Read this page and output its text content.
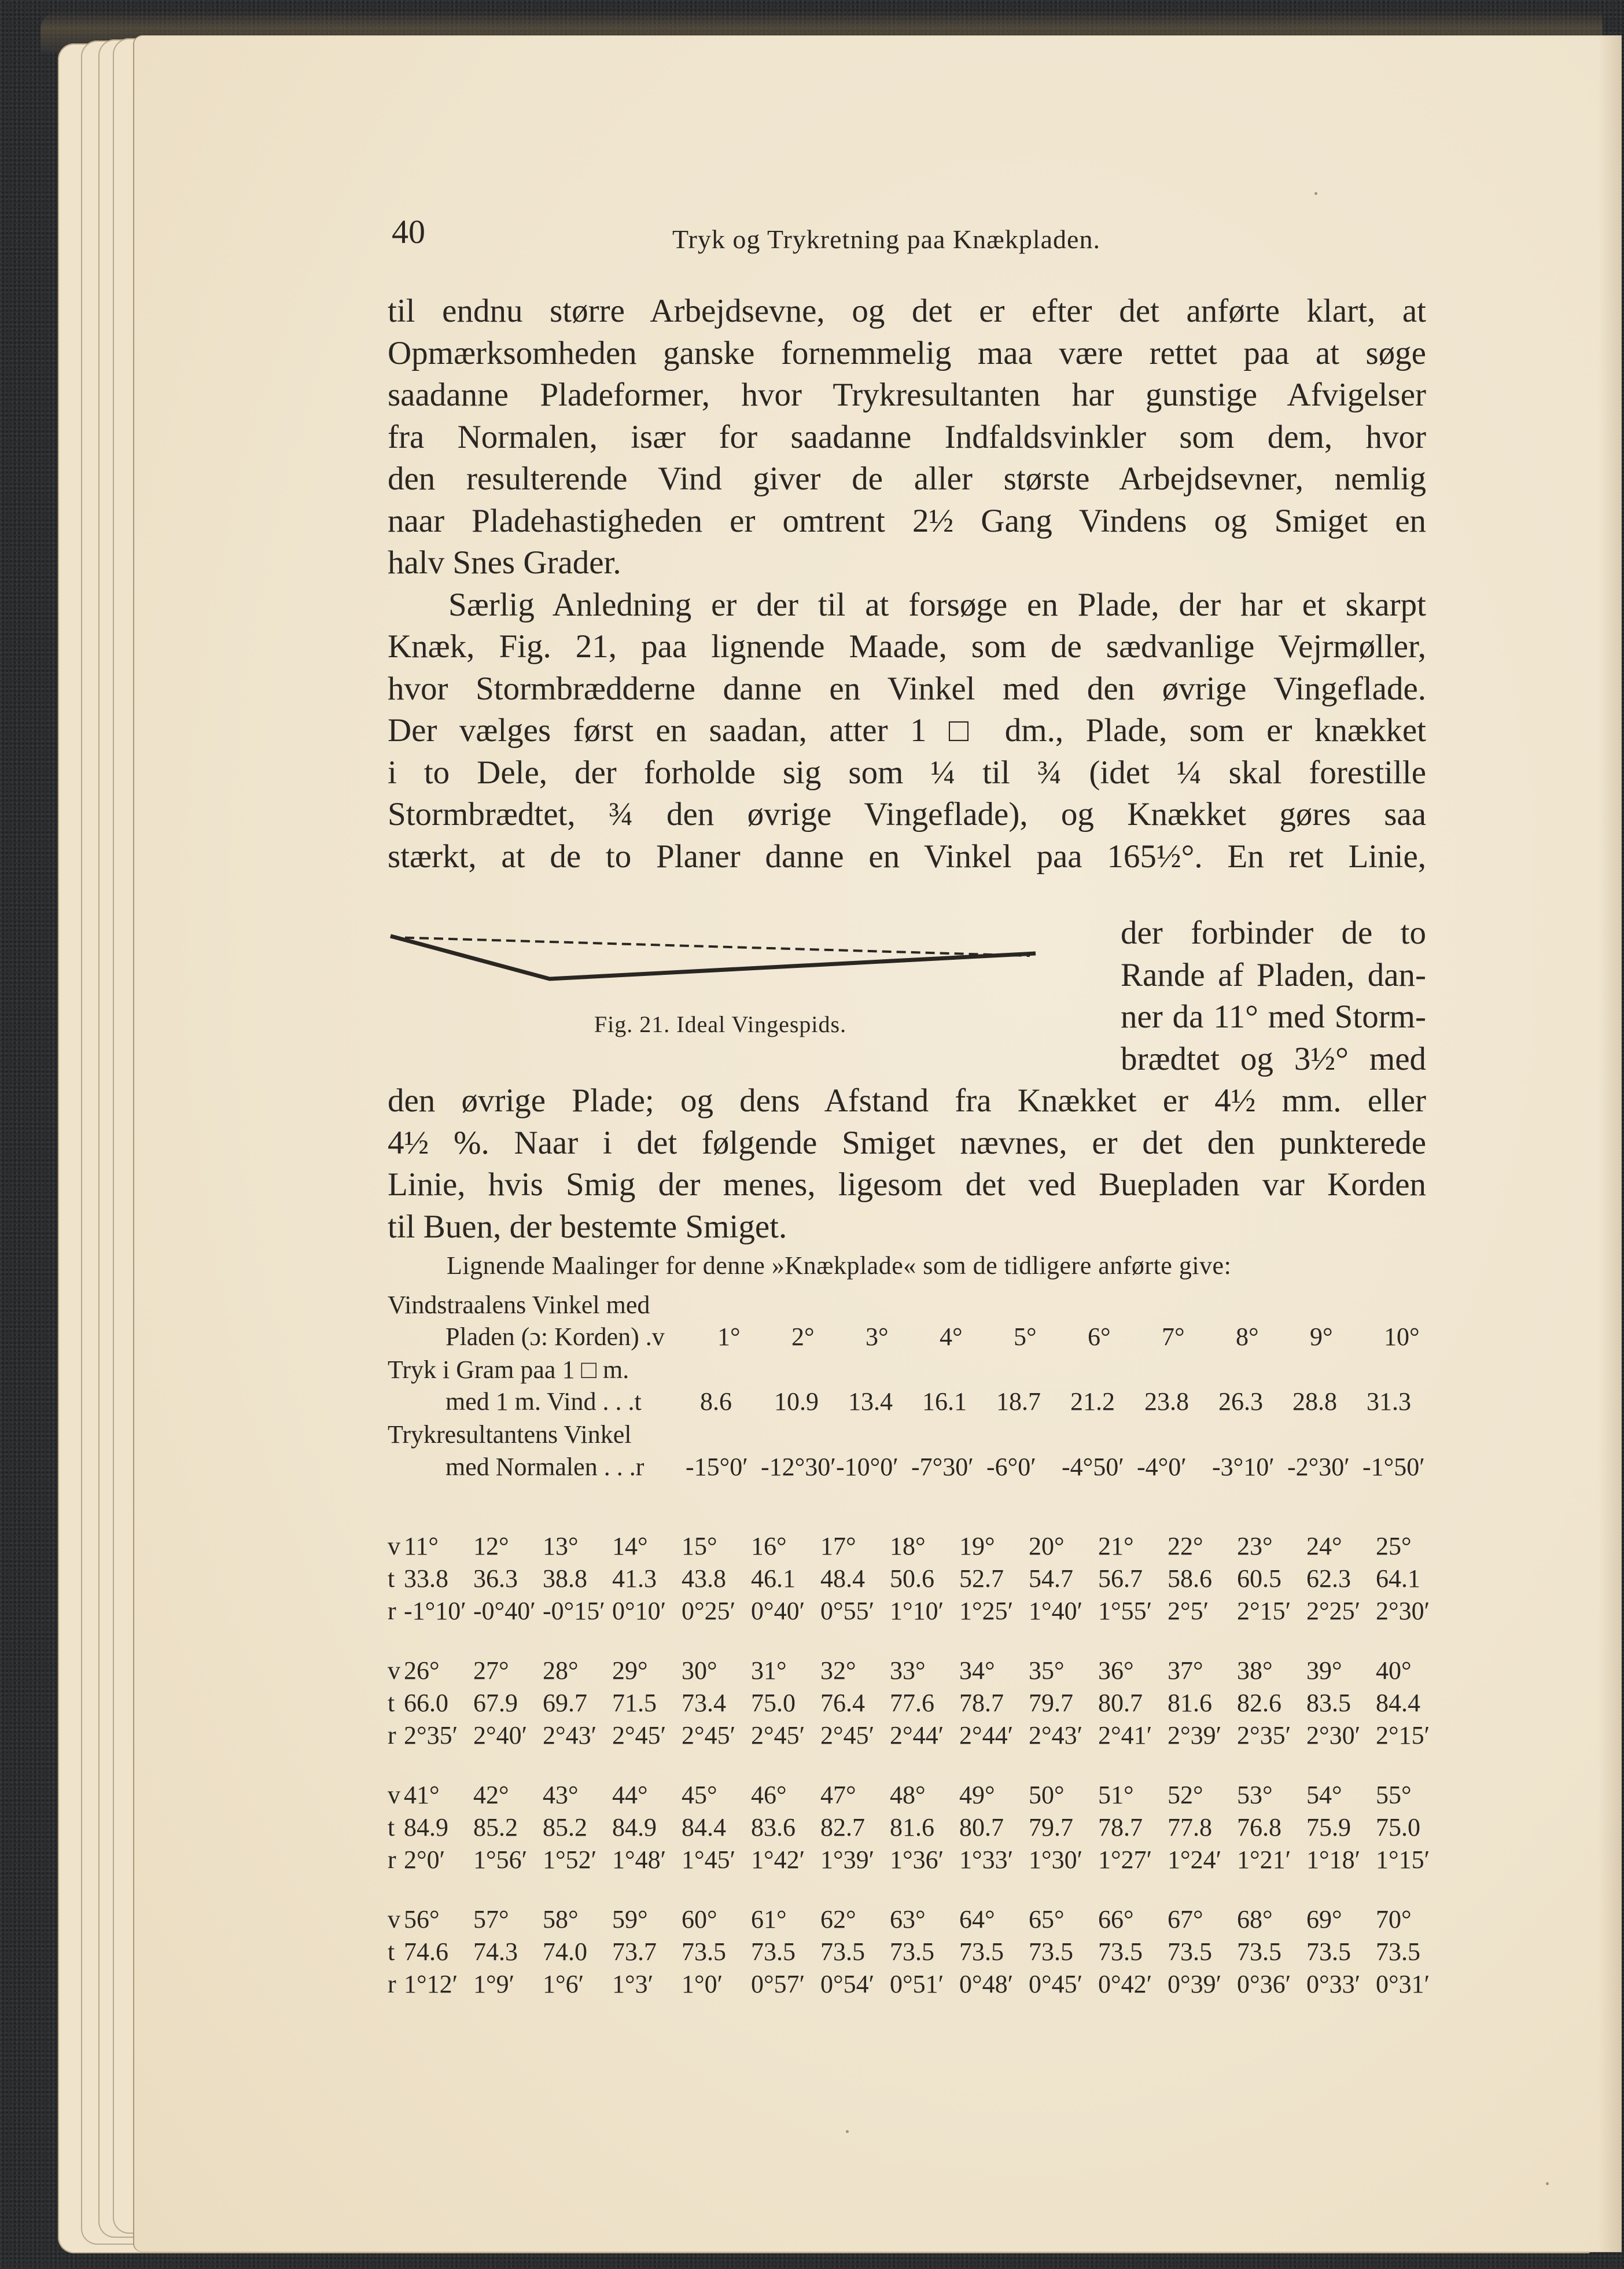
40	Tryk og Trykretning paa Knækpladen.
til endnu større Arbejdsevne, og det er efter det anførte klart, at
Opmærksomheden ganske fornemmelig maa være rettet paa at søge
saadanne Pladeformer, hvor Trykresultanten har gunstige Afvigelser
fra Normalen, især for saadanne Indfaldsvinkler som dem, hvor
den resulterende Vind giver de aller største Arbejdsevner, nemlig
naar Pladehastigheden er omtrent 2½ Gang Vindens og Smiget en
halv Snes Grader.
Særlig Anledning er der til at forsøge en Plade, der har et skarpt
Knæk, Fig. 21, paa lignende Maade, som de sædvanlige Vejrmøller,
hvor Stormbrædderne danne en Vinkel med den øvrige Vingeflade.
Der vælges først en saadan, atter 1 □ dm., Plade, som er knækket
i to Dele, der forholde sig som ¼ til ¾ (idet ¼ skal forestille
Stormbrædtet, ¾ den øvrige Vingeflade), og Knækket gøres saa
stærkt, at de to Planer danne en Vinkel paa 165½°. En ret Linie,
Fig. 21. Ideal Vingespids.
der forbinder de to
Rande af Pladen, dan-
ner da 11° med Storm-
brædtet og 3½° med
den øvrige Plade; og dens Afstand fra Knækket er 4½ mm. eller
4½ %. Naar i det følgende Smiget nævnes, er det den punkterede
Linie, hvis Smig der menes, ligesom det ved Buepladen var Korden
til Buen, der bestemte Smiget.
Lignende Maalinger for denne »Knækplade« som de tidligere anførte give:
Vindstraalens Vinkel med
Pladen (ɔ: Korden) .v	1° 2° 3° 4° 5° 6° 7° 8° 9° 10°
Tryk i Gram paa 1 □ m.
med 1 m. Vind . . .t	8.6 10.9 13.4 16.1 18.7 21.2 23.8 26.3 28.8 31.3
Trykresultantens Vinkel
med Normalen . . .r	-15°0′ -12°30′ -10°0′ -7°30′ -6°0′ -4°50′ -4°0′ -3°10′ -2°30′ -1°50′
v 11° 12° 13° 14° 15° 16° 17° 18° 19° 20° 21° 22° 23° 24° 25°
t 33.8 36.3 38.8 41.3 43.8 46.1 48.4 50.6 52.7 54.7 56.7 58.6 60.5 62.3 64.1
r -1°10′ -0°40′ -0°15′ 0°10′ 0°25′ 0°40′ 0°55′ 1°10′ 1°25′ 1°40′ 1°55′ 2°5′ 2°15′ 2°25′ 2°30′
v 26° 27° 28° 29° 30° 31° 32° 33° 34° 35° 36° 37° 38° 39° 40°
t 66.0 67.9 69.7 71.5 73.4 75.0 76.4 77.6 78.7 79.7 80.7 81.6 82.6 83.5 84.4
r 2°35′ 2°40′ 2°43′ 2°45′ 2°45′ 2°45′ 2°45′ 2°44′ 2°44′ 2°43′ 2°41′ 2°39′ 2°35′ 2°30′ 2°15′
v 41° 42° 43° 44° 45° 46° 47° 48° 49° 50° 51° 52° 53° 54° 55°
t 84.9 85.2 85.2 84.9 84.4 83.6 82.7 81.6 80.7 79.7 78.7 77.8 76.8 75.9 75.0
r 2°0′ 1°56′ 1°52′ 1°48′ 1°45′ 1°42′ 1°39′ 1°36′ 1°33′ 1°30′ 1°27′ 1°24′ 1°21′ 1°18′ 1°15′
v 56° 57° 58° 59° 60° 61° 62° 63° 64° 65° 66° 67° 68° 69° 70°
t 74.6 74.3 74.0 73.7 73.5 73.5 73.5 73.5 73.5 73.5 73.5 73.5 73.5 73.5 73.5
r 1°12′ 1°9′ 1°6′ 1°3′ 1°0′ 0°57′ 0°54′ 0°51′ 0°48′ 0°45′ 0°42′ 0°39′ 0°36′ 0°33′ 0°31′
